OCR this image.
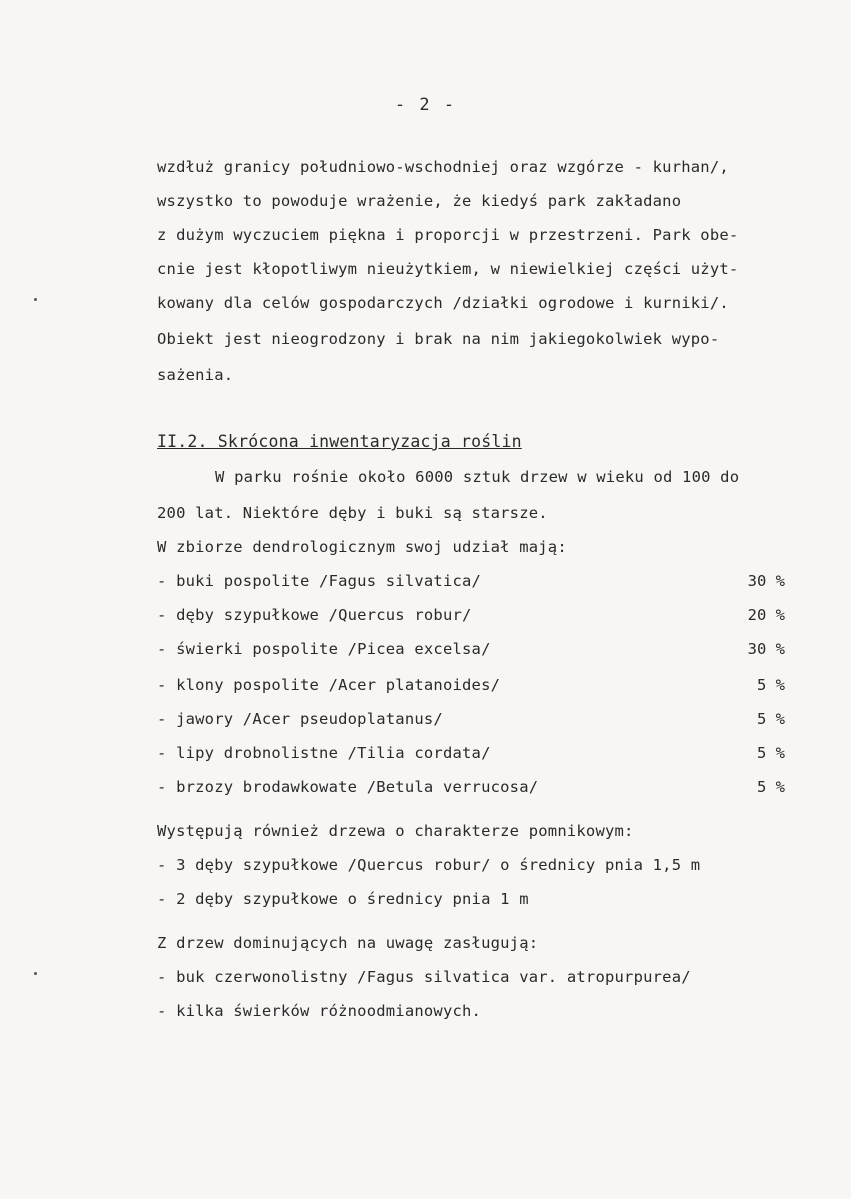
- 2 -
wzdłuż granicy południowo-wschodniej oraz wzgórze - kurhan/,
wszystko to powoduje wrażenie, że kiedyś park zakładano
z dużym wyczuciem piękna i proporcji w przestrzeni. Park obe-
cnie jest kłopotliwym nieużytkiem, w niewielkiej części użyt-
kowany dla celów gospodarczych /działki ogrodowe i kurniki/.
Obiekt jest nieogrodzony i brak na nim jakiegokolwiek wypo-
sażenia.
II.2. Skrócona inwentaryzacja roślin
W parku rośnie około 6000 sztuk drzew w wieku od 100 do
200 lat. Niektóre dęby i buki są starsze.
W zbiorze dendrologicznym swoj udział mają:
- buki pospolite /Fagus silvatica/	30 %
- dęby szypułkowe /Quercus robur/	20 %
- świerki pospolite /Picea excelsa/	30 %
- klony pospolite /Acer platanoides/	5 %
- jawory /Acer pseudoplatanus/	5 %
- lipy drobnolistne /Tilia cordata/	5 %
- brzozy brodawkowate /Betula verrucosa/	5 %
Występują również drzewa o charakterze pomnikowym:
- 3 dęby szypułkowe /Quercus robur/ o średnicy pnia 1,5 m
- 2 dęby szypułkowe o średnicy pnia 1 m
Z drzew dominujących na uwagę zasługują:
- buk czerwonolistny /Fagus silvatica var. atropurpurea/
- kilka świerków różnoodmianowych.
